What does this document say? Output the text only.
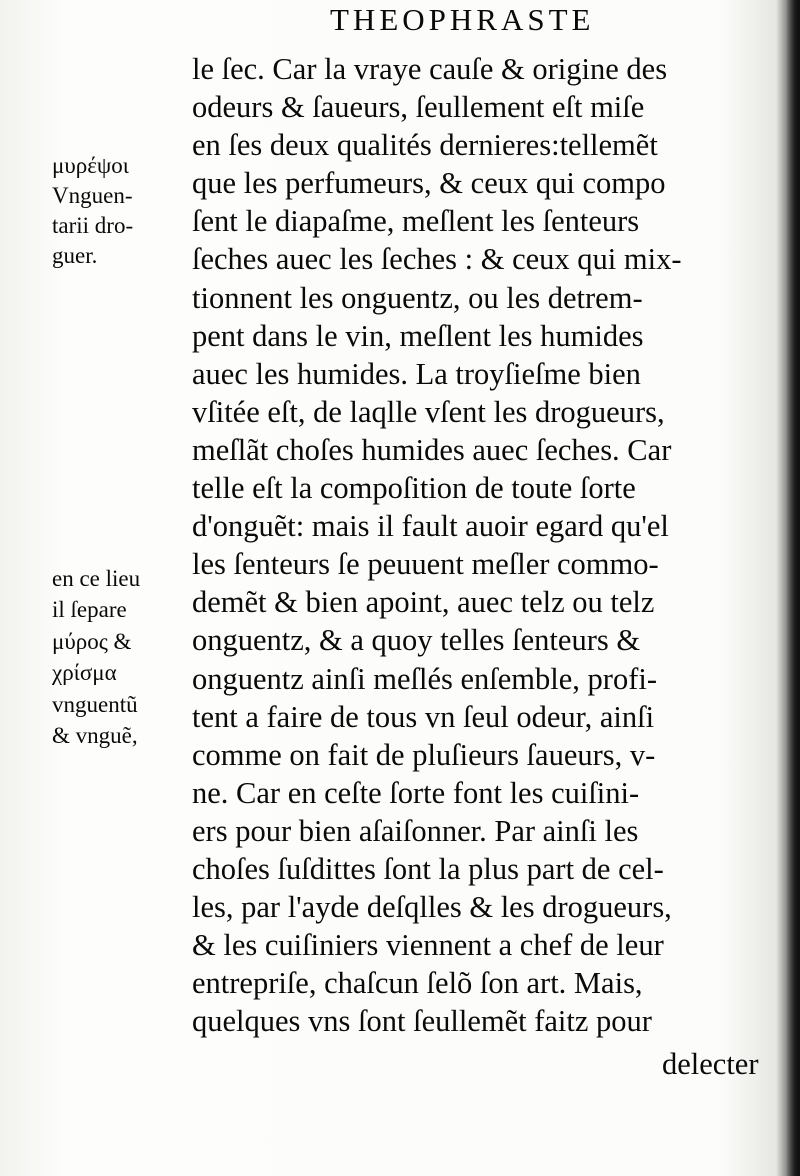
THEOPHRASTE
μυρέψοι
Vnguen-
tarii dro-
guer.
en ce lieu
il ſepare
μύρος &
χρίσμα
vnguentũ
& vnguẽ,
le ſec. Car la vraye cauſe & origine des
odeurs & ſaueurs, ſeullement eſt miſe
en ſes deux qualités dernieres:tellemẽt
que les perfumeurs, & ceux qui compo
ſent le diapaſme, meſlent les ſenteurs
ſeches auec les ſeches : & ceux qui mix-
tionnent les onguentz, ou les detrem-
pent dans le vin, meſlent les humides
auec les humides. La troyſieſme bien
vſitée eſt, de laqlle vſent les drogueurs,
meſlãt choſes humides auec ſeches. Car
telle eſt la compoſition de toute ſorte
d'onguẽt: mais il fault auoir egard qu'el
les ſenteurs ſe peuuent meſler commo-
demẽt & bien apoint, auec telz ou telz
onguentz, & a quoy telles ſenteurs &
onguentz ainſi meſlés enſemble, profi-
tent a faire de tous vn ſeul odeur, ainſi
comme on fait de pluſieurs ſaueurs, v-
ne. Car en ceſte ſorte font les cuiſini-
ers pour bien aſaiſonner. Par ainſi les
choſes ſuſdittes ſont la plus part de cel-
les, par l'ayde deſqlles & les drogueurs,
& les cuiſiniers viennent a chef de leur
entrepriſe, chaſcun ſelõ ſon art. Mais,
quelques vns ſont ſeullemẽt faitz pour
delecter
